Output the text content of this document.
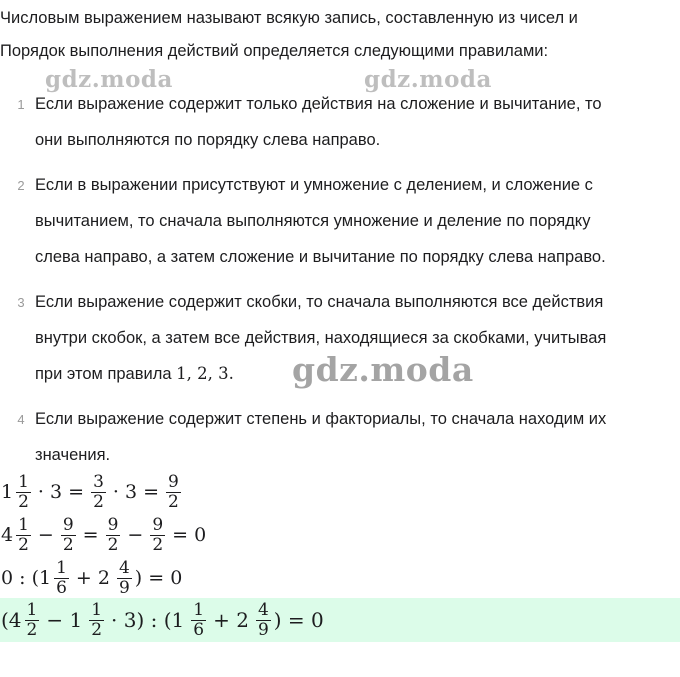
Числовым выражением называют всякую запись, составленную из чисел и
Порядок выполнения действий определяется следующими правилами:
gdz.moda	gdz.moda
1 Если выражение содержит только действия на сложение и вычитание, то
они выполняются по порядку слева направо.
2 Если в выражении присутствуют и умножение с делением, и сложение с
вычитанием, то сначала выполняются умножение и деление по порядку
слева направо, а затем сложение и вычитание по порядку слева направо.
3 Если выражение содержит скобки, то сначала выполняются все действия
внутри скобок, а затем все действия, находящиеся за скобками, учитывая
при этом правила 1, 2, 3. gdz.moda
4 Если выражение содержит степень и факториалы, то сначала находим их
значения.
$1 \frac{1}{2} \cdot 3 = \frac{3}{2} \cdot 3 = \frac{9}{2}$
$4 \frac{1}{2} - \frac{9}{2} = \frac{9}{2} - \frac{9}{2} = 0$
0 : ($1 \frac{1}{6} + 2 \frac{4}{9}$ ) = 0
$(4 \frac{1}{2} - 1 \frac{1}{2} \cdot 3)$ : ($1 \frac{1}{6} + 2 \frac{4}{9}$ ) = 0
